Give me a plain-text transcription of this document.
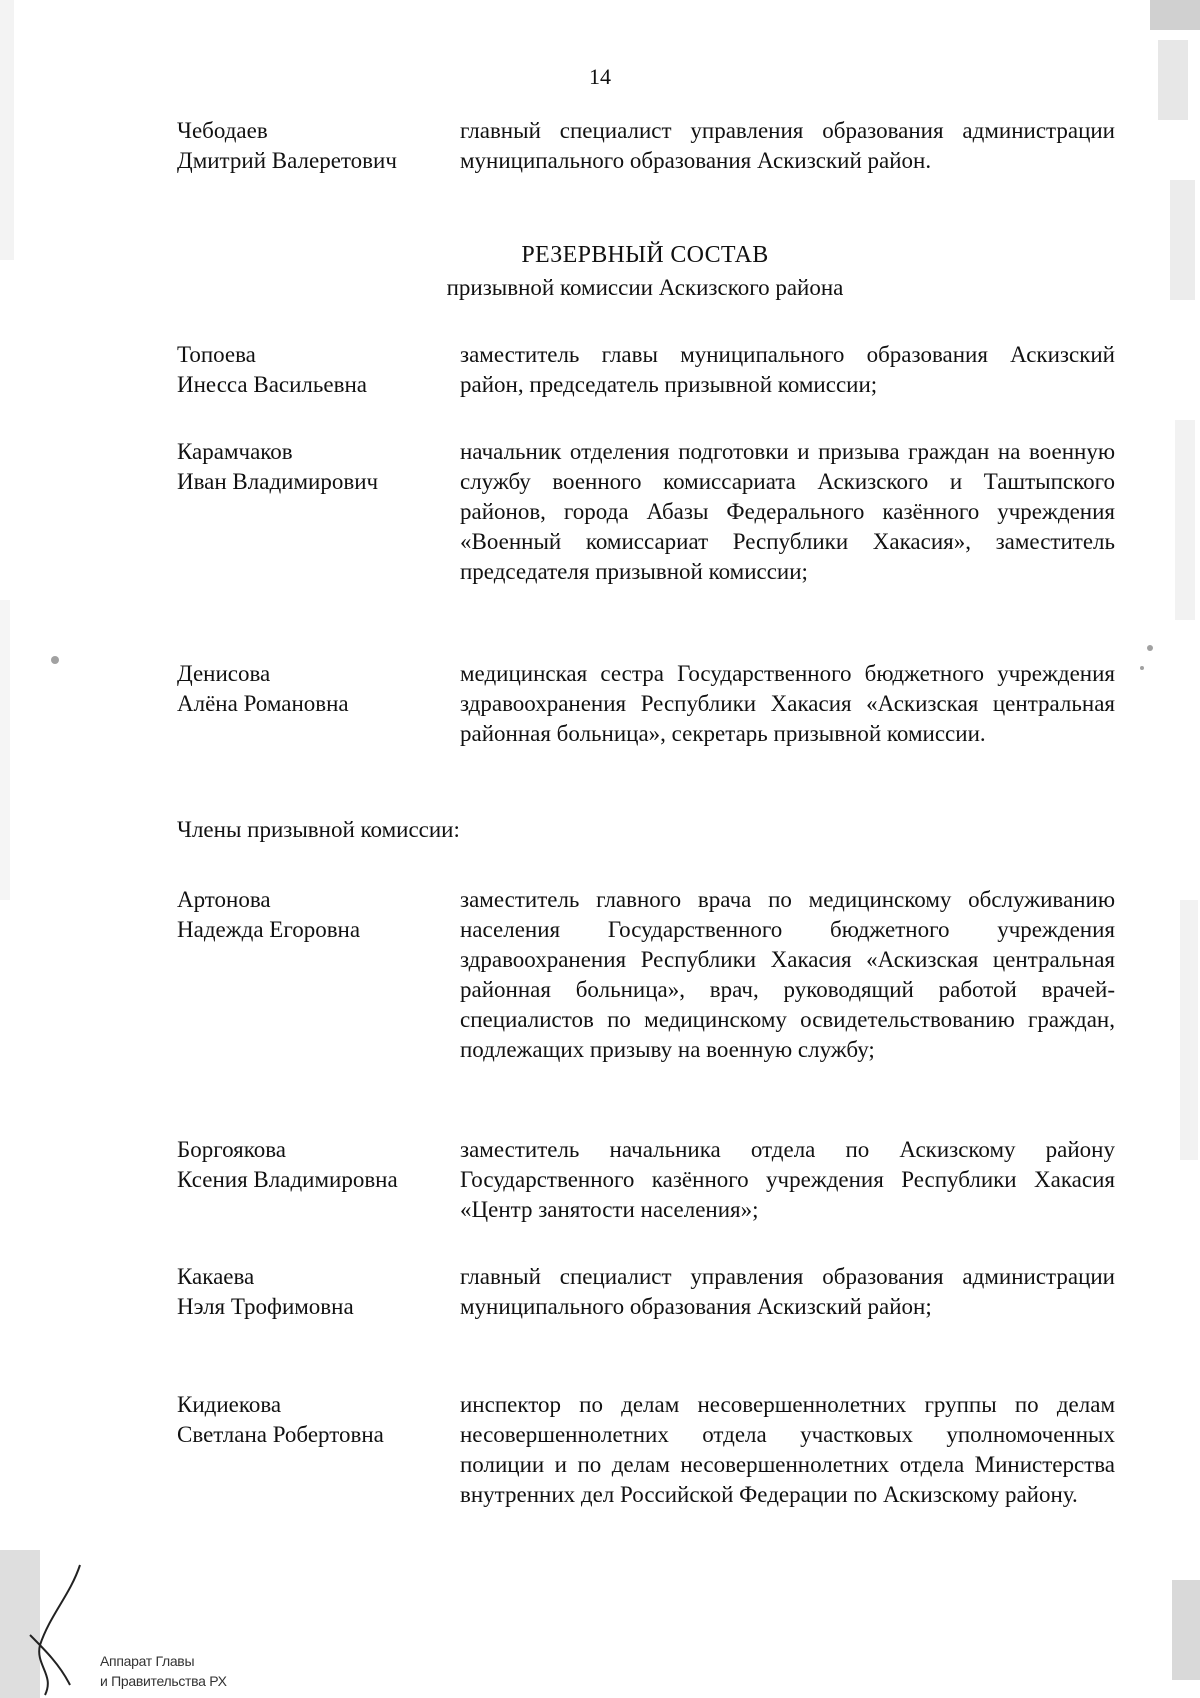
14
Чебодаев
Дмитрий Валеретович
главный специалист управления образования администрации муниципального образования Аскизский район.
РЕЗЕРВНЫЙ СОСТАВ
призывной комиссии Аскизского района
Топоева
Инесса Васильевна
заместитель главы муниципального образования Аскизский район, председатель призывной комиссии;
Карамчаков
Иван Владимирович
начальник отделения подготовки и призыва граждан на военную службу военного комиссариата Аскизского и Таштыпского районов, города Абазы Федерального казённого учреждения «Военный комиссариат Республики Хакасия», заместитель председателя призывной комиссии;
Денисова
Алёна Романовна
медицинская сестра Государственного бюджетного учреждения здравоохранения Республики Хакасия «Аскизская центральная районная больница», секретарь призывной комиссии.
Члены призывной комиссии:
Артонова
Надежда Егоровна
заместитель главного врача по медицинскому обслуживанию населения Государственного бюджетного учреждения здравоохранения Республики Хакасия «Аскизская центральная районная больница», врач, руководящий работой врачей-специалистов по медицинскому освидетельствованию граждан, подлежащих призыву на военную службу;
Боргоякова
Ксения Владимировна
заместитель начальника отдела по Аскизскому району Государственного казённого учреждения Республики Хакасия «Центр занятости населения»;
Какаева
Нэля Трофимовна
главный специалист управления образования администрации муниципального образования Аскизский район;
Кидиекова
Светлана Робертовна
инспектор по делам несовершеннолетних группы по делам несовершеннолетних отдела участковых уполномоченных полиции и по делам несовершеннолетних отдела Министерства внутренних дел Российской Федерации по Аскизскому району.
Аппарат Главы
и Правительства РХ
